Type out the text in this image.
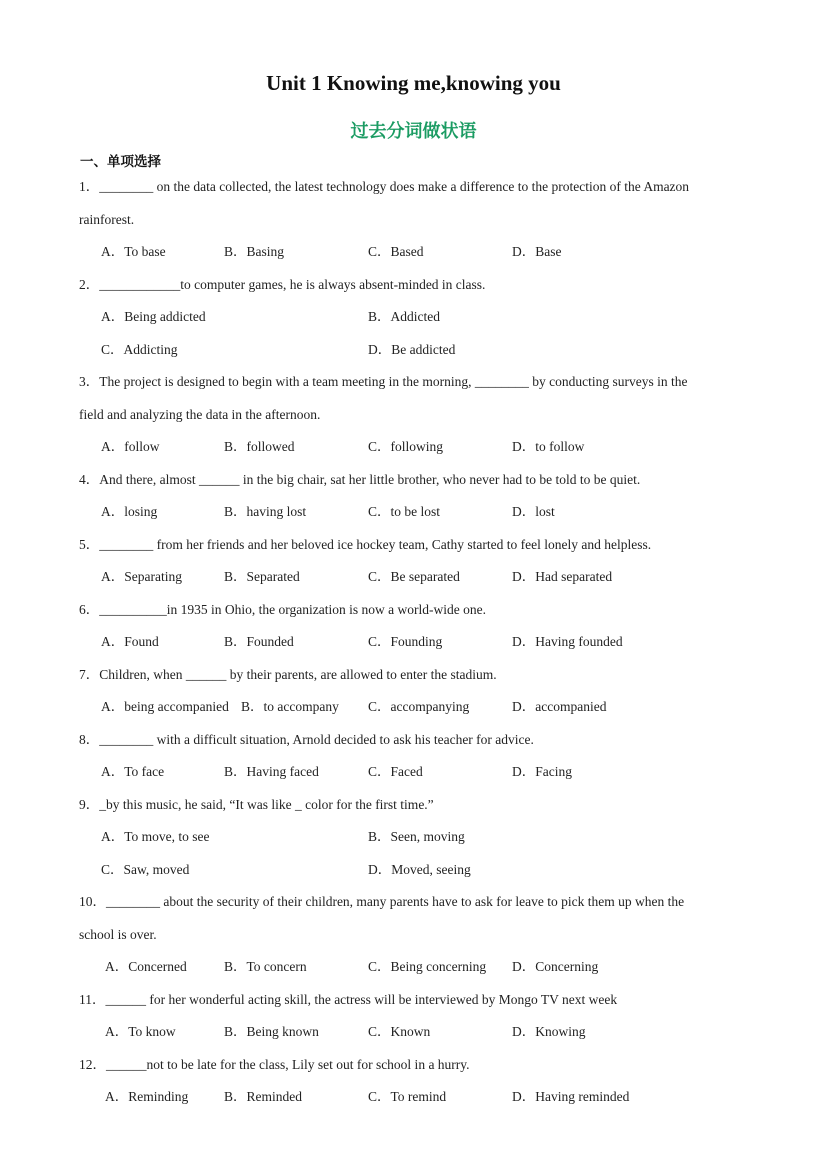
Unit 1 Knowing me,knowing you
过去分词做状语
一、单项选择
1．________ on the data collected, the latest technology does make a difference to the protection of the Amazon
rainforest.
A．To base	B．Basing	C．Based	D．Base
2．____________to computer games, he is always absent-minded in class.
A．Being addicted	B．Addicted
C．Addicting	D．Be addicted
3．The project is designed to begin with a team meeting in the morning, ________ by conducting surveys in the
field and analyzing the data in the afternoon.
A．follow	B．followed	C．following	D．to follow
4．And there, almost ______ in the big chair, sat her little brother, who never had to be told to be quiet.
A．losing	B．having lost	C．to be lost	D．lost
5．________ from her friends and her beloved ice hockey team, Cathy started to feel lonely and helpless.
A．Separating	B．Separated	C．Be separated	D．Had separated
6．__________in 1935 in Ohio, the organization is now a world-wide one.
A．Found	B．Founded	C．Founding	D．Having founded
7．Children, when ______ by their parents, are allowed to enter the stadium.
A．being accompanied B．to accompany C．accompanying	D．accompanied
8．________ with a difficult situation, Arnold decided to ask his teacher for advice.
A．To face	B．Having faced	C．Faced	D．Facing
9．_by this music, he said, “It was like _ color for the first time.”
A．To move, to see	B．Seen, moving
C．Saw, moved	D．Moved, seeing
10．________ about the security of their children, many parents have to ask for leave to pick them up when the
school is over.
A．Concerned	B．To concern	C．Being concerning D．Concerning
11．______ for her wonderful acting skill, the actress will be interviewed by Mongo TV next week
A．To know	B．Being known	C．Known	D．Knowing
12．______not to be late for the class, Lily set out for school in a hurry.
A．Reminding	B．Reminded	C．To remind	D．Having reminded
